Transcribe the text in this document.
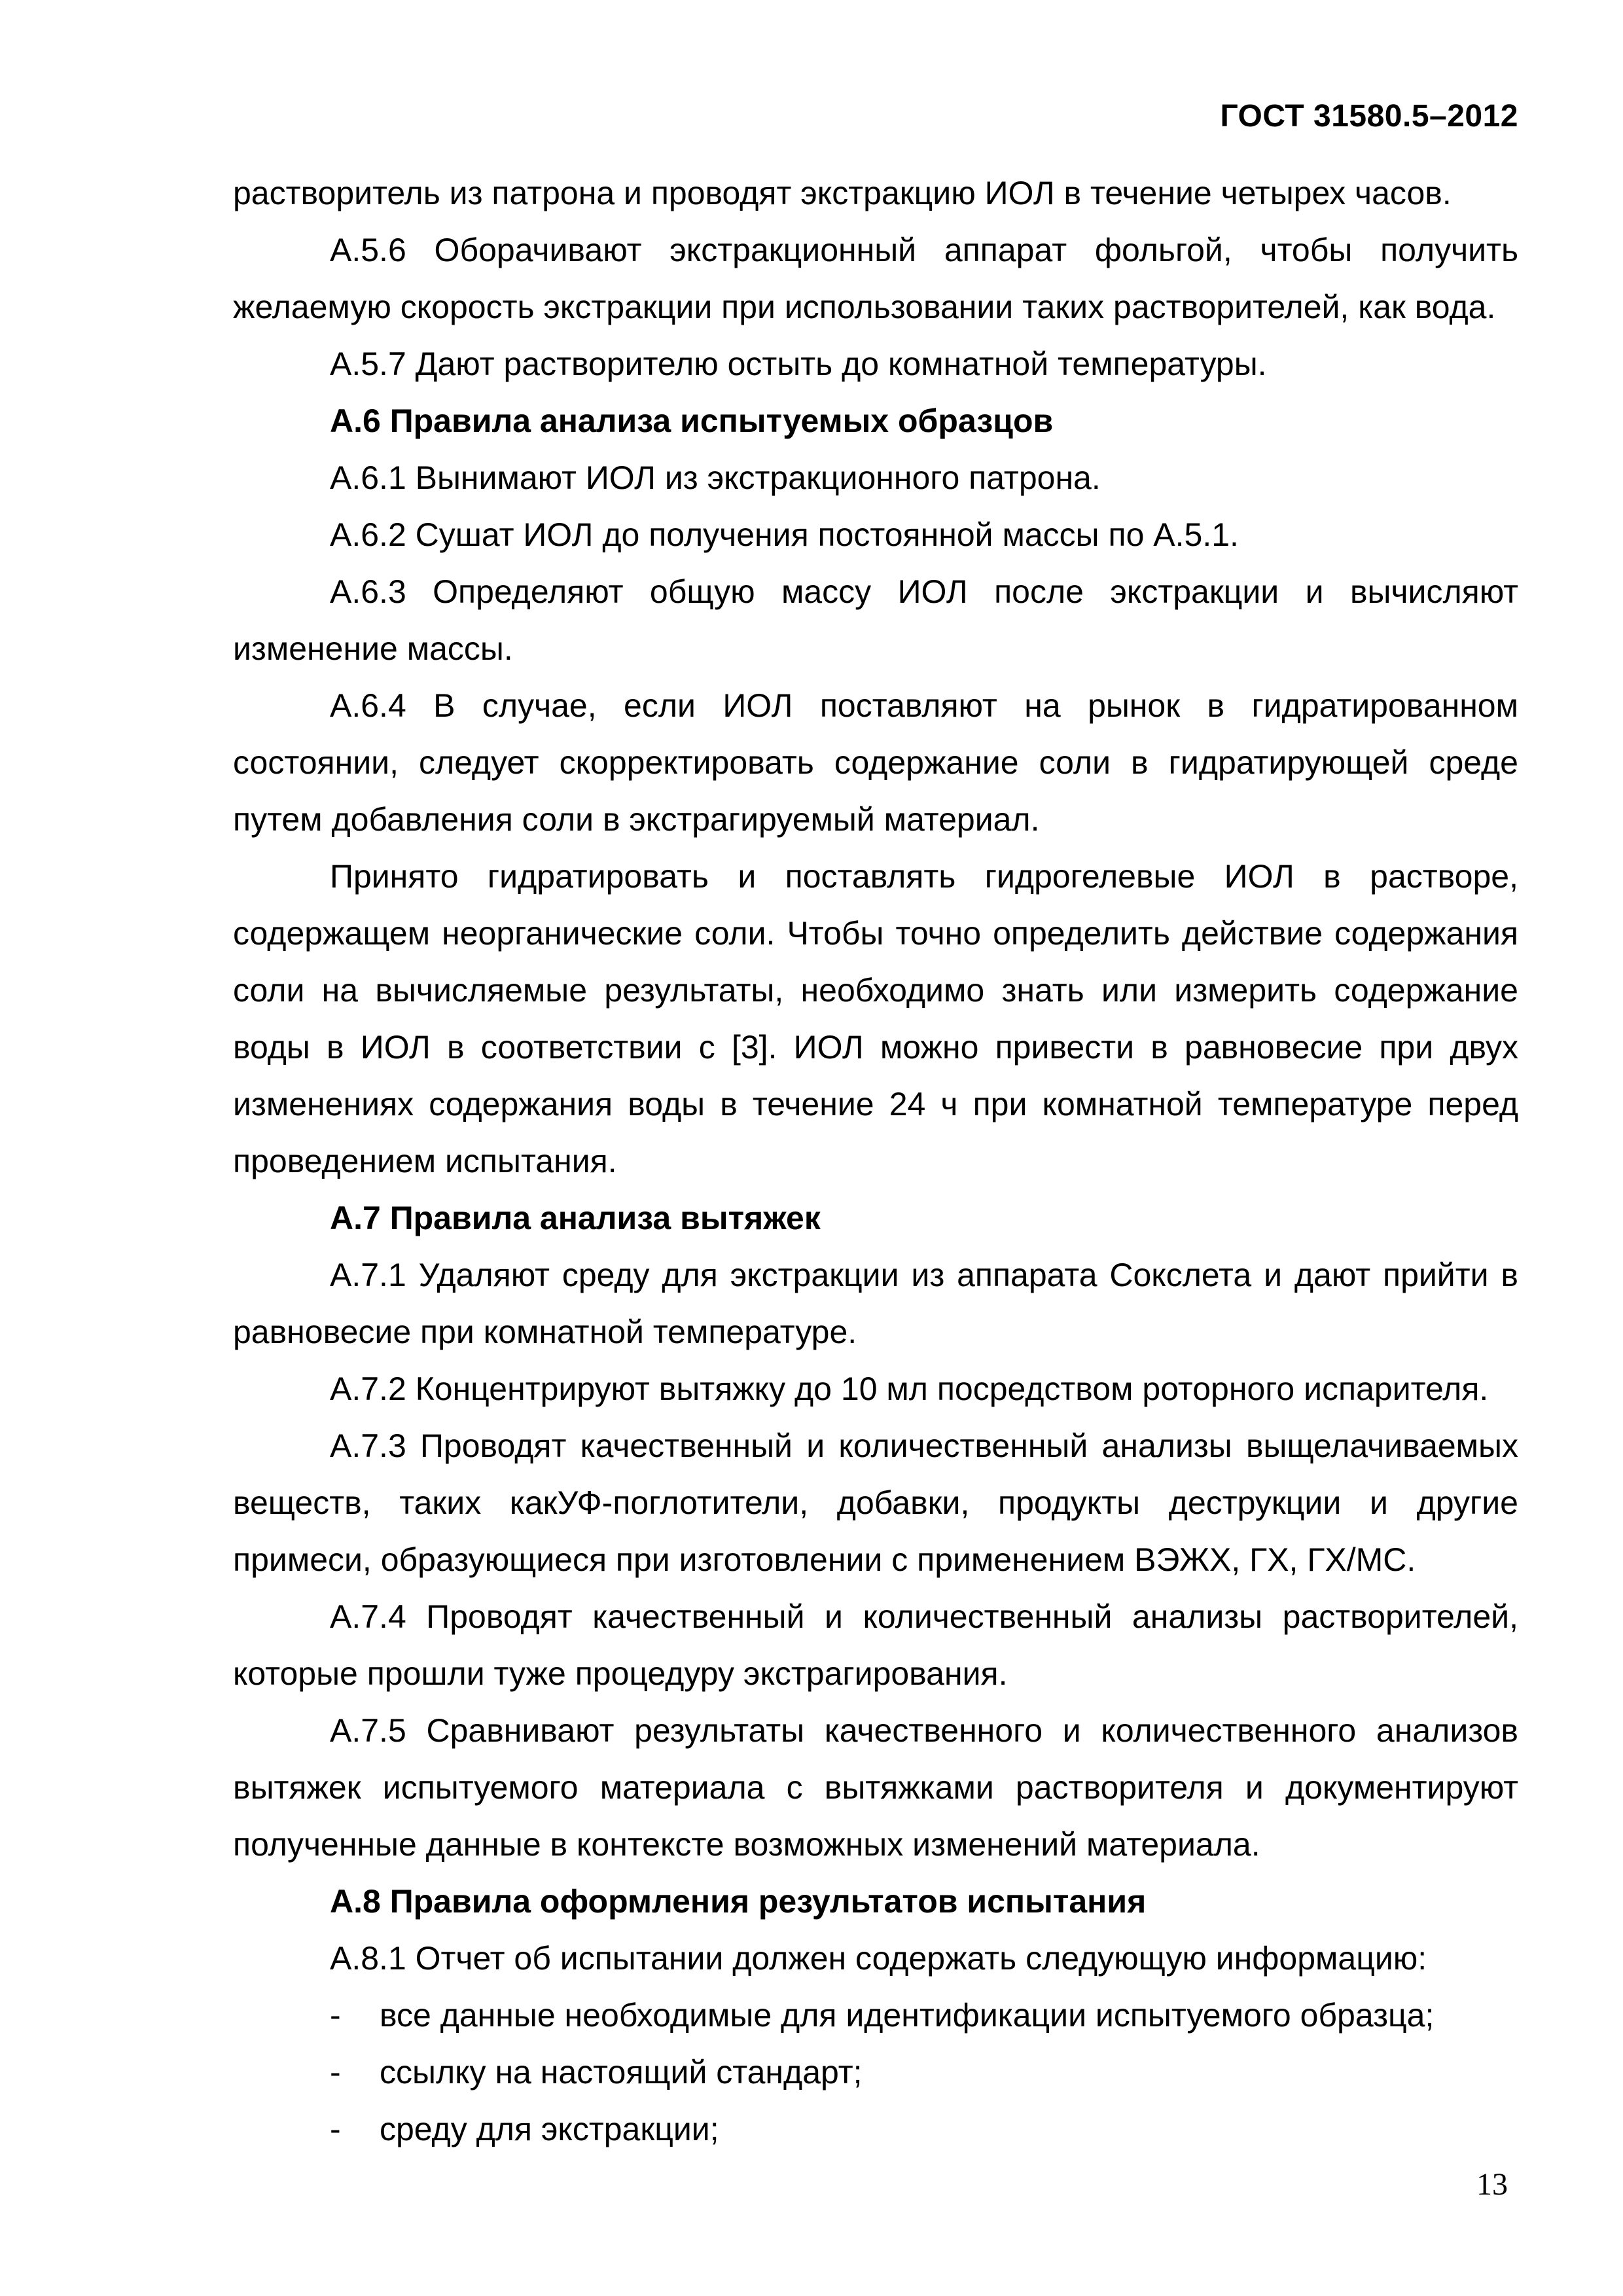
ГОСТ 31580.5–2012

растворитель из патрона и проводят экстракцию ИОЛ в течение четырех часов.

А.5.6 Оборачивают экстракционный аппарат фольгой, чтобы получить желаемую скорость экстракции при использовании таких растворителей, как вода.

А.5.7 Дают растворителю остыть до комнатной температуры.

А.6 Правила анализа испытуемых образцов

А.6.1 Вынимают ИОЛ из экстракционного патрона.

А.6.2 Сушат ИОЛ до получения постоянной массы по А.5.1.

А.6.3 Определяют общую массу ИОЛ после экстракции и вычисляют изменение массы.

А.6.4 В случае, если ИОЛ поставляют на рынок в гидратированном состоянии, следует скорректировать содержание соли в гидратирующей среде путем добавления соли в экстрагируемый материал.

Принято гидратировать и поставлять гидрогелевые ИОЛ в растворе, содержащем неорганические соли. Чтобы точно определить действие содержания соли на вычисляемые результаты, необходимо знать или измерить содержание воды в ИОЛ в соответствии с [3]. ИОЛ можно привести в равновесие при двух изменениях содержания воды в течение 24 ч при комнатной температуре перед проведением испытания.

А.7 Правила анализа вытяжек

А.7.1 Удаляют среду для экстракции из аппарата Сокслета и дают прийти в равновесие при комнатной температуре.

А.7.2 Концентрируют вытяжку до 10 мл посредством роторного испарителя.

А.7.3 Проводят качественный и количественный анализы выщелачиваемых веществ, таких какУФ-поглотители, добавки, продукты деструкции и другие примеси, образующиеся при изготовлении с применением ВЭЖХ, ГХ, ГХ/МС.

А.7.4 Проводят качественный и количественный анализы растворителей, которые прошли туже процедуру экстрагирования.

А.7.5 Сравнивают результаты качественного и количественного анализов вытяжек испытуемого материала с вытяжками растворителя и документируют полученные данные в контексте возможных изменений материала.

А.8 Правила оформления результатов испытания

А.8.1 Отчет об испытании должен содержать следующую информацию:

- все данные необходимые для идентификации испытуемого образца;

- ссылку на настоящий стандарт;

- среду для экстракции;

13
